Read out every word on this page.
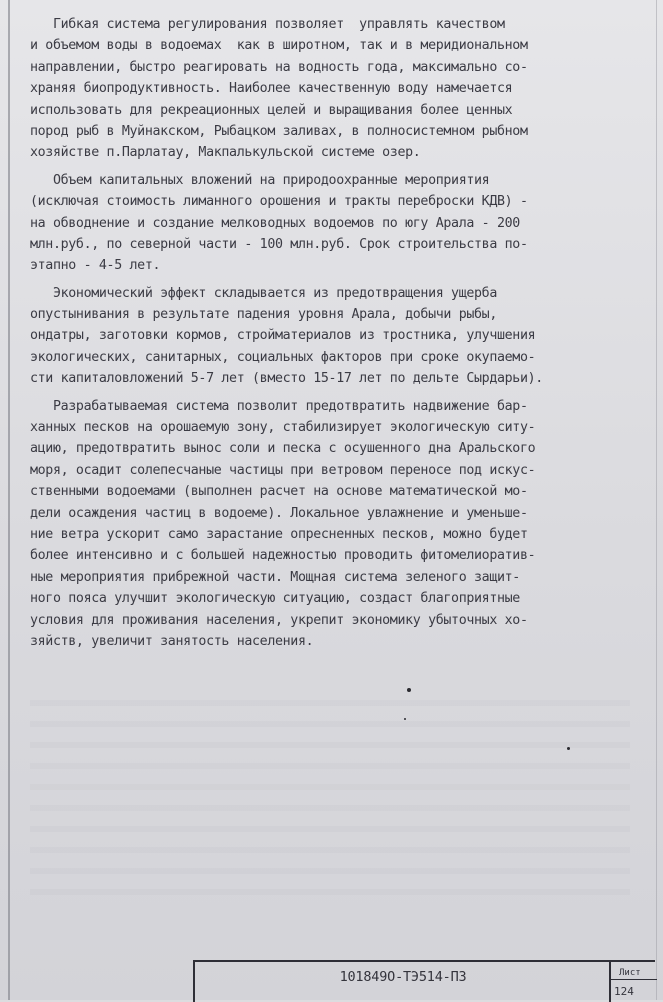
Гибкая система регулирования позволяет  управлять качеством
и объемом воды в водоемах  как в широтном, так и в меридиональном
направлении, быстро реагировать на водность года, максимально со-
храняя биопродуктивность. Наиболее качественную воду намечается
использовать для рекреационных целей и выращивания более ценных
пород рыб в Муйнакском, Рыбацком заливах, в полносистемном рыбном
хозяйстве п.Парлатау, Макпалькульской системе озер.
Объем капитальных вложений на природоохранные мероприятия
(исключая стоимость лиманного орошения и тракты переброски КДВ) -
на обводнение и создание мелководных водоемов по югу Арала - 200
млн.руб., по северной части - 100 млн.руб. Срок строительства по-
этапно - 4-5 лет.
Экономический эффект складывается из предотвращения ущерба
опустынивания в результате падения уровня Арала, добычи рыбы,
ондатры, заготовки кормов, стройматериалов из тростника, улучшения
экологических, санитарных, социальных факторов при сроке окупаемо-
сти капиталовложений 5-7 лет (вместо 15-17 лет по дельте Сырдарьи).
Разрабатываемая система позволит предотвратить надвижение бар-
ханных песков на орошаемую зону, стабилизирует экологическую ситу-
ацию, предотвратить вынос соли и песка с осушенного дна Аральского
моря, осадит солепесчаные частицы при ветровом переносе под искус-
ственными водоемами (выполнен расчет на основе математической мо-
дели осаждения частиц в водоеме). Локальное увлажнение и уменьше-
ние ветра ускорит само зарастание опресненных песков, можно будет
более интенсивно и с большей надежностью проводить фитомелиоратив-
ные мероприятия прибрежной части. Мощная система зеленого защит-
ного пояса улучшит экологическую ситуацию, создаст благоприятные
условия для проживания населения, укрепит экономику убыточных хо-
зяйств, увеличит занятость населения.
101849О-ТЭ514-ПЗ	Лист
124
